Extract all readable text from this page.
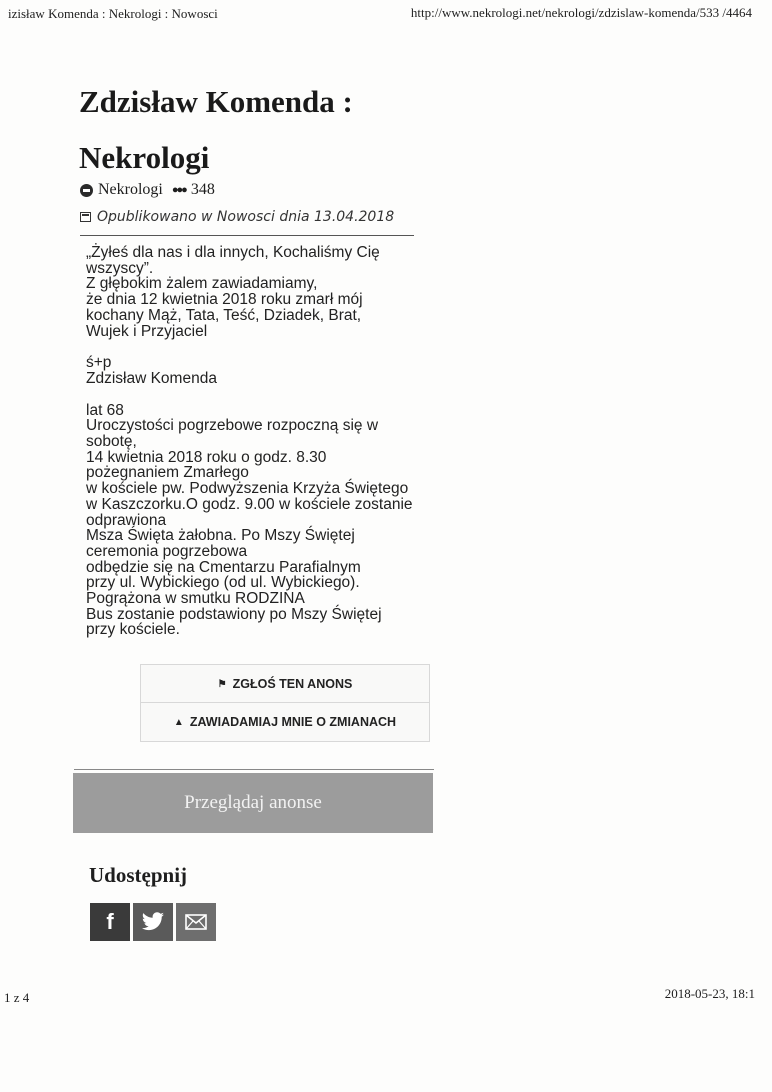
izisław Komenda : Nekrologi : Nowosci	http://www.nekrologi.net/nekrologi/zdzislaw-komenda/533 /4464
Zdzisław Komenda : Nekrologi
Nekrologi ●●● 348
Opublikowano w Nowosci dnia 13.04.2018

„Żyłeś dla nas i dla innych, Kochaliśmy Cię

wszyscy”.

Z głębokim żalem zawiadamiamy,

że dnia 12 kwietnia 2018 roku zmarł mój

kochany Mąż, Tata, Teść, Dziadek, Brat,

Wujek i Przyjaciel

ś+p

Zdzisław Komenda

lat 68

Uroczystości pogrzebowe rozpoczną się w

sobotę,

14 kwietnia 2018 roku o godz. 8.30

pożegnaniem Zmarłego

w kościele pw. Podwyższenia Krzyża Świętego

w Kaszczorku.O godz. 9.00 w kościele zostanie

odprawiona

Msza Święta żałobna. Po Mszy Świętej

ceremonia pogrzebowa

odbędzie się na Cmentarzu Parafialnym

przy ul. Wybickiego (od ul. Wybickiego).

Pogrążona w smutku RODZINA

Bus zostanie podstawiony po Mszy Świętej

przy kościele.

⚑ ZGŁOŚ TEN ANONS
▲ ZAWIADAMIAJ MNIE O ZMIANACH
Przeglądaj anonse
Udostępnij
f
1 z 4	2018-05-23, 18:1
